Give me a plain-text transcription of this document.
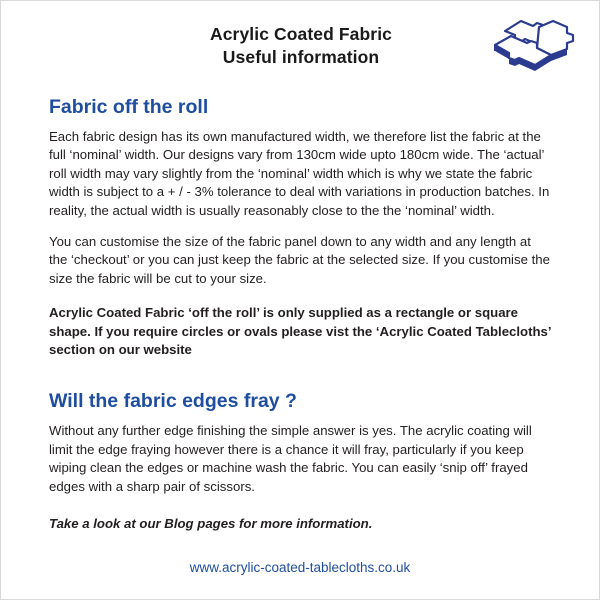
Acrylic Coated Fabric
Useful information
Fabric off the roll

Each fabric design has its own manufactured width, we therefore list the fabric at the full ‘nominal’ width. Our designs vary from 130cm wide upto 180cm wide. The ‘actual’ roll width may vary slightly from the ‘nominal’ width which is why we state the fabric width is subject to a + / - 3% tolerance to deal with variations in production batches. In reality, the actual width is usually reasonably close to the the ‘nominal’ width.

You can customise the size of the fabric panel down to any width and any length at the ‘checkout’ or you can just keep the fabric at the selected size. If you customise the size the fabric will be cut to your size.

Acrylic Coated Fabric ‘off the roll’ is only supplied as a rectangle or square shape. If you require circles or ovals please vist the ‘Acrylic Coated Tablecloths’ section on our website

Will the fabric edges fray ?

Without any further edge finishing the simple answer is yes. The acrylic coating will limit the edge fraying however there is a chance it will fray, particularly if you keep wiping clean the edges or machine wash the fabric. You can easily ‘snip off’ frayed edges with a sharp pair of scissors.

Take a look at our Blog pages for more information.

www.acrylic-coated-tablecloths.co.uk
